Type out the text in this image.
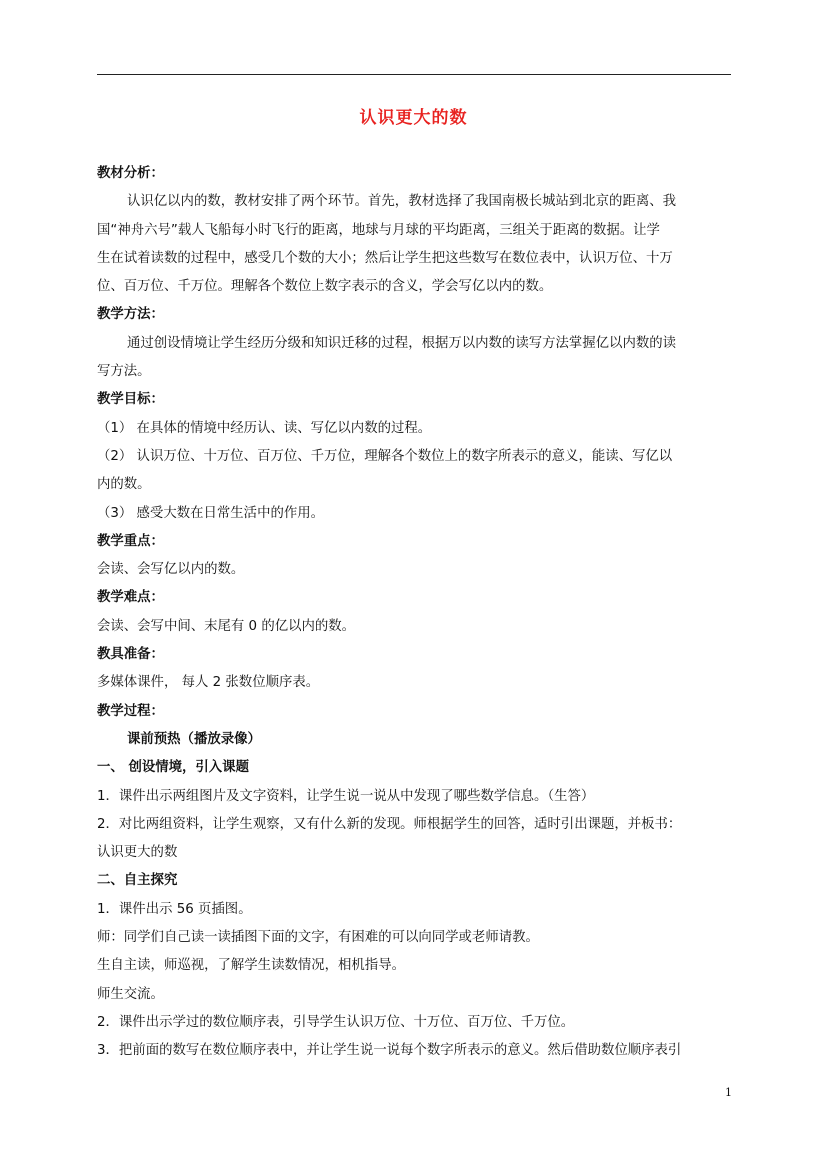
认识更大的数
教材分析：
认识亿以内的数，教材安排了两个环节。首先，教材选择了我国南极长城站到北京的距离、我
国“神舟六号”载人飞船每小时飞行的距离，地球与月球的平均距离，三组关于距离的数据。让学
生在试着读数的过程中，感受几个数的大小；然后让学生把这些数写在数位表中，认识万位、十万
位、百万位、千万位。理解各个数位上数字表示的含义，学会写亿以内的数。
教学方法：
通过创设情境让学生经历分级和知识迁移的过程，根据万以内数的读写方法掌握亿以内数的读
写方法。
教学目标：
（1） 在具体的情境中经历认、读、写亿以内数的过程。
（2） 认识万位、十万位、百万位、千万位，理解各个数位上的数字所表示的意义，能读、写亿以
内的数。
（3） 感受大数在日常生活中的作用。
教学重点：
会读、会写亿以内的数。
教学难点：
会读、会写中间、末尾有 0 的亿以内的数。
教具准备：
多媒体课件， 每人 2 张数位顺序表。
教学过程：
课前预热（播放录像）
一、 创设情境，引入课题
1．课件出示两组图片及文字资料，让学生说一说从中发现了哪些数学信息。（生答）
2．对比两组资料，让学生观察，又有什么新的发现。师根据学生的回答，适时引出课题，并板书：
认识更大的数
二、自主探究
1．课件出示 56 页插图。
师：同学们自己读一读插图下面的文字，有困难的可以向同学或老师请教。
生自主读，师巡视，了解学生读数情况，相机指导。
师生交流。
2．课件出示学过的数位顺序表，引导学生认识万位、十万位、百万位、千万位。
3．把前面的数写在数位顺序表中，并让学生说一说每个数字所表示的意义。然后借助数位顺序表引
1
